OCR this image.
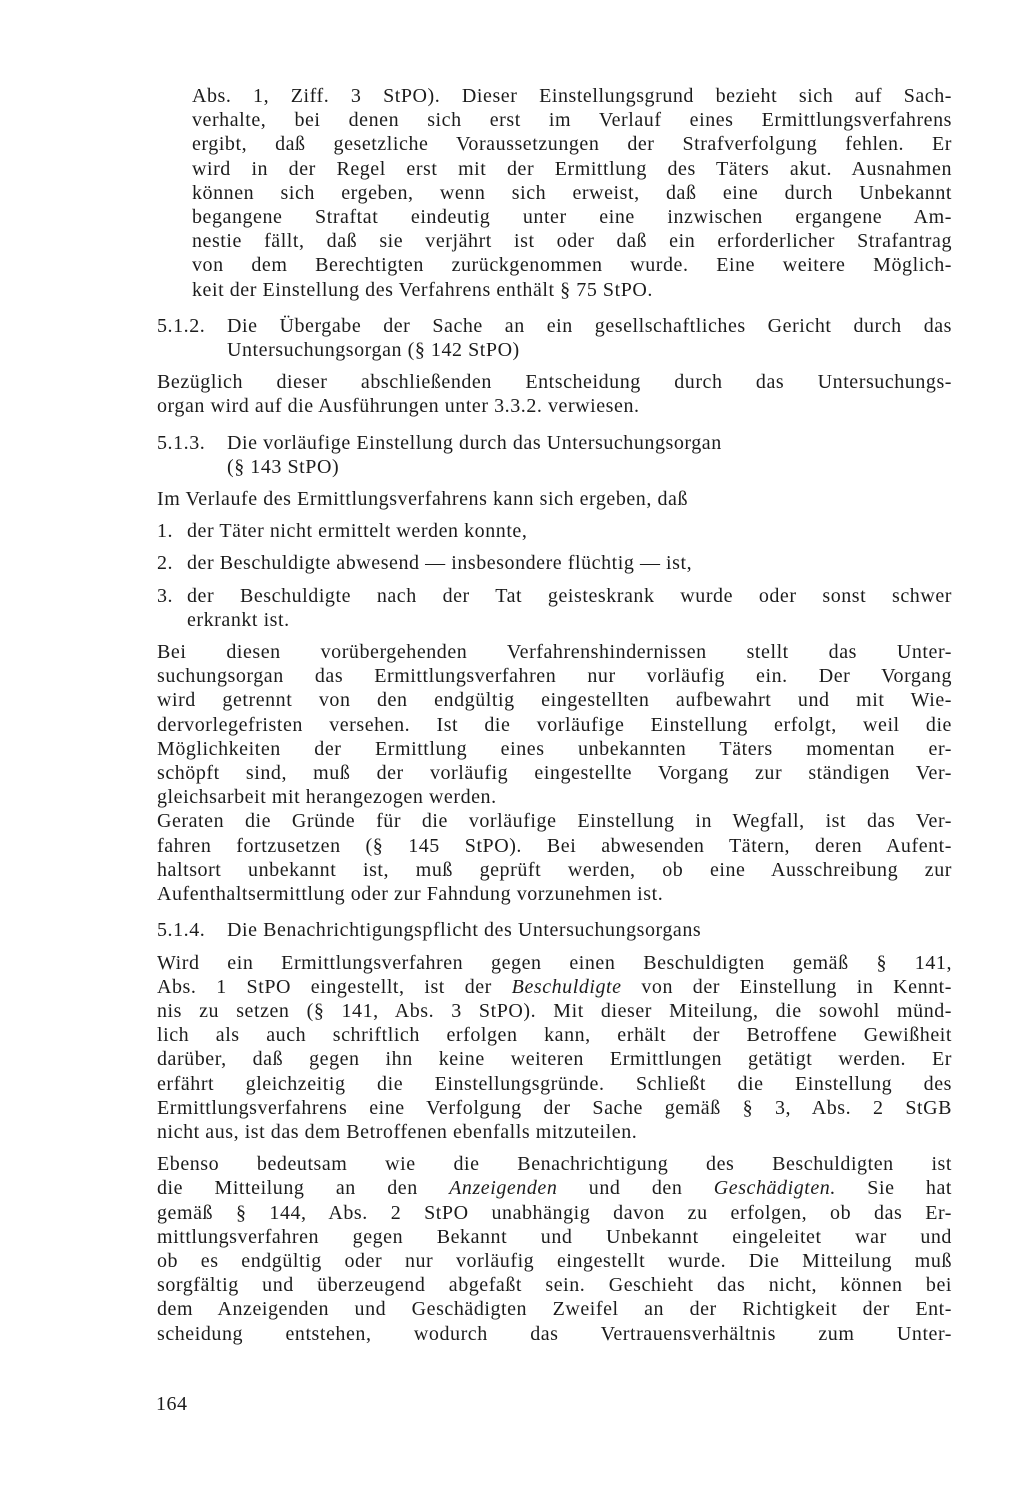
Abs. 1, Ziff. 3 StPO). Dieser Einstellungsgrund bezieht sich auf Sach-
verhalte, bei denen sich erst im Verlauf eines Ermittlungsverfahrens
ergibt, daß gesetzliche Voraussetzungen der Strafverfolgung fehlen. Er
wird in der Regel erst mit der Ermittlung des Täters akut. Ausnahmen
können sich ergeben, wenn sich erweist, daß eine durch Unbekannt
begangene Straftat eindeutig unter eine inzwischen ergangene Am-
nestie fällt, daß sie verjährt ist oder daß ein erforderlicher Strafantrag
von dem Berechtigten zurückgenommen wurde. Eine weitere Möglich-
keit der Einstellung des Verfahrens enthält § 75 StPO.
5.1.2.	Die Übergabe der Sache an ein gesellschaftliches Gericht durch das
Untersuchungsorgan (§ 142 StPO)
Bezüglich dieser abschließenden Entscheidung durch das Untersuchungs-
organ wird auf die Ausführungen unter 3.3.2. verwiesen.
5.1.3.	Die vorläufige Einstellung durch das Untersuchungsorgan
(§ 143 StPO)
Im Verlaufe des Ermittlungsverfahrens kann sich ergeben, daß
1. der Täter nicht ermittelt werden konnte,
2. der Beschuldigte abwesend — insbesondere flüchtig — ist,
3. der Beschuldigte nach der Tat geisteskrank wurde oder sonst schwer
erkrankt ist.
Bei diesen vorübergehenden Verfahrenshindernissen stellt das Unter-
suchungsorgan das Ermittlungsverfahren nur vorläufig ein. Der Vorgang
wird getrennt von den endgültig eingestellten aufbewahrt und mit Wie-
dervorlegefristen versehen. Ist die vorläufige Einstellung erfolgt, weil die
Möglichkeiten der Ermittlung eines unbekannten Täters momentan er-
schöpft sind, muß der vorläufig eingestellte Vorgang zur ständigen Ver-
gleichsarbeit mit herangezogen werden.
Geraten die Gründe für die vorläufige Einstellung in Wegfall, ist das Ver-
fahren fortzusetzen (§ 145 StPO). Bei abwesenden Tätern, deren Aufent-
haltsort unbekannt ist, muß geprüft werden, ob eine Ausschreibung zur
Aufenthaltsermittlung oder zur Fahndung vorzunehmen ist.
5.1.4.	Die Benachrichtigungspflicht des Untersuchungsorgans
Wird ein Ermittlungsverfahren gegen einen Beschuldigten gemäß § 141,
Abs. 1 StPO eingestellt, ist der Beschuldigte von der Einstellung in Kennt-
nis zu setzen (§ 141, Abs. 3 StPO). Mit dieser Miteilung, die sowohl münd-
lich als auch schriftlich erfolgen kann, erhält der Betroffene Gewißheit
darüber, daß gegen ihn keine weiteren Ermittlungen getätigt werden. Er
erfährt gleichzeitig die Einstellungsgründe. Schließt die Einstellung des
Ermittlungsverfahrens eine Verfolgung der Sache gemäß § 3, Abs. 2 StGB
nicht aus, ist das dem Betroffenen ebenfalls mitzuteilen.
Ebenso bedeutsam wie die Benachrichtigung des Beschuldigten ist
die Mitteilung an den Anzeigenden und den Geschädigten. Sie hat
gemäß § 144, Abs. 2 StPO unabhängig davon zu erfolgen, ob das Er-
mittlungsverfahren gegen Bekannt und Unbekannt eingeleitet war und
ob es endgültig oder nur vorläufig eingestellt wurde. Die Mitteilung muß
sorgfältig und überzeugend abgefaßt sein. Geschieht das nicht, können bei
dem Anzeigenden und Geschädigten Zweifel an der Richtigkeit der Ent-
scheidung entstehen, wodurch das Vertrauensverhältnis zum Unter-
164
